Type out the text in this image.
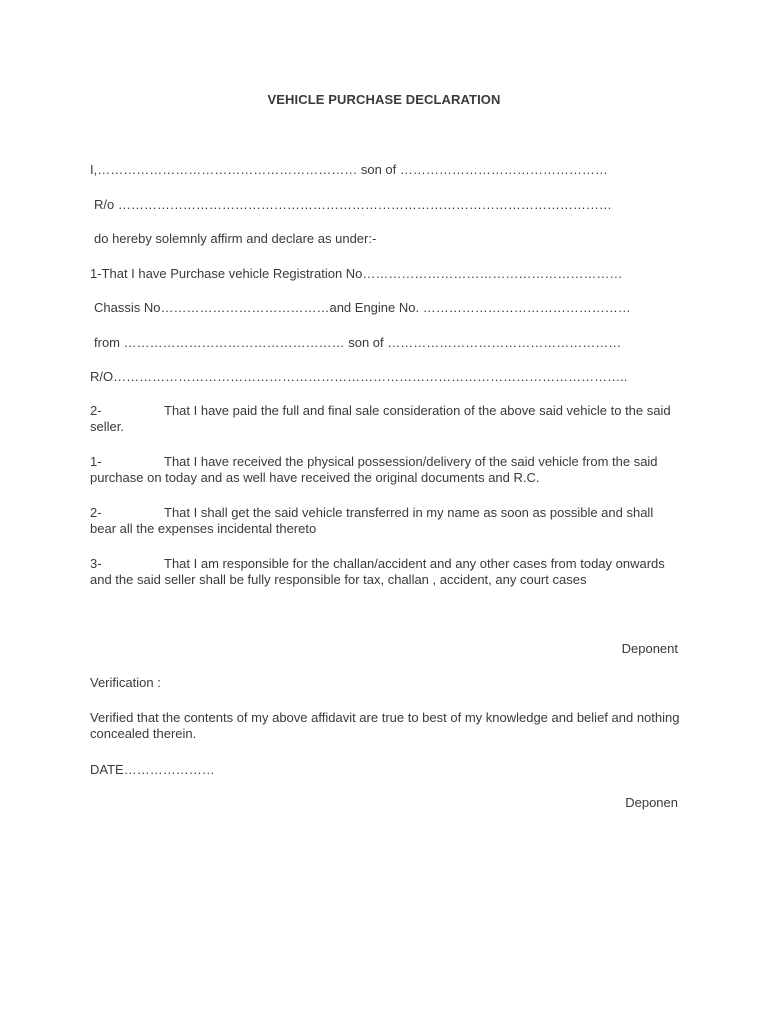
VEHICLE PURCHASE DECLARATION
I,…………………………………………………… son of …………………………………………
R/o ……………………………………………………………………………………………………
do hereby solemnly affirm and declare as under:-
1-That I have Purchase vehicle Registration No……………………………………………………
Chassis No…………………………………and Engine No. …………………………………………
from …………………………………………… son of ………………………………………………
R/O………………………………………………………………………………………………………..
2-	That I have paid the full and final sale consideration of the above said vehicle to the said seller.
1-	That I have received the physical possession/delivery of the said vehicle from the said purchase on today and as well have received the original documents and R.C.
2-	That I shall get the said vehicle transferred in my name as soon as possible and shall bear all the expenses incidental thereto
3-	That I am responsible for the challan/accident and any other cases from today onwards and the said seller shall be fully responsible for tax, challan , accident, any court cases
Deponent
Verification :
Verified that the contents of my above affidavit are true to best of my knowledge and belief and nothing concealed therein.
DATE…………………
Deponen
